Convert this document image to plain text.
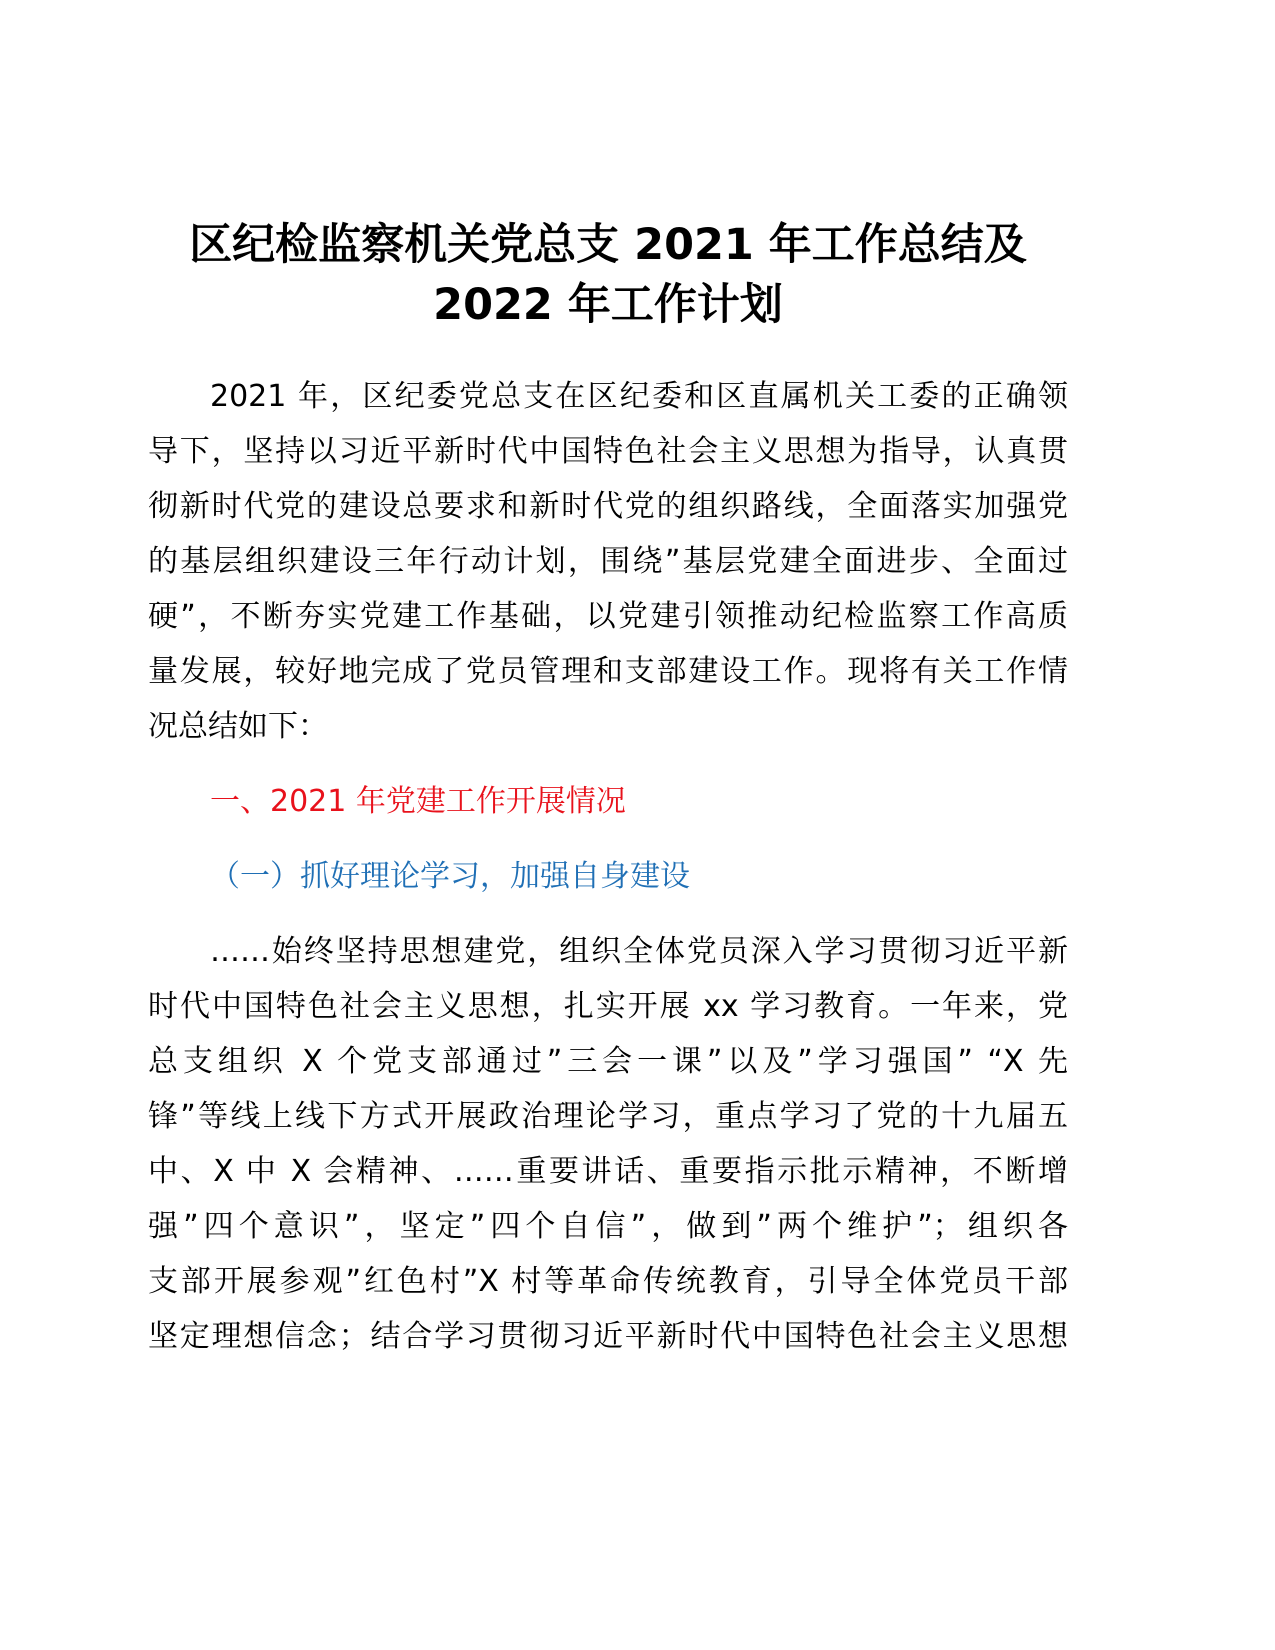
区纪检监察机关党总支 2021 年工作总结及
2022 年工作计划

2021 年，区纪委党总支在区纪委和区直属机关工委的正确领
导下，坚持以习近平新时代中国特色社会主义思想为指导，认真贯
彻新时代党的建设总要求和新时代党的组织路线，全面落实加强党
的基层组织建设三年行动计划，围绕”基层党建全面进步、全面过
硬”，不断夯实党建工作基础，以党建引领推动纪检监察工作高质
量发展，较好地完成了党员管理和支部建设工作。现将有关工作情
况总结如下：

一、2021 年党建工作开展情况

（一）抓好理论学习，加强自身建设

……始终坚持思想建党，组织全体党员深入学习贯彻习近平新
时代中国特色社会主义思想，扎实开展 xx 学习教育。一年来，党
总支组织 X 个党支部通过”三会一课”以及”学习强国” “X 先
锋”等线上线下方式开展政治理论学习，重点学习了党的十九届五
中、X 中 X 会精神、……重要讲话、重要指示批示精神，不断增
强”四个意识”，坚定”四个自信”，做到”两个维护”；组织各
支部开展参观”红色村”X 村等革命传统教育，引导全体党员干部
坚定理想信念；结合学习贯彻习近平新时代中国特色社会主义思想
